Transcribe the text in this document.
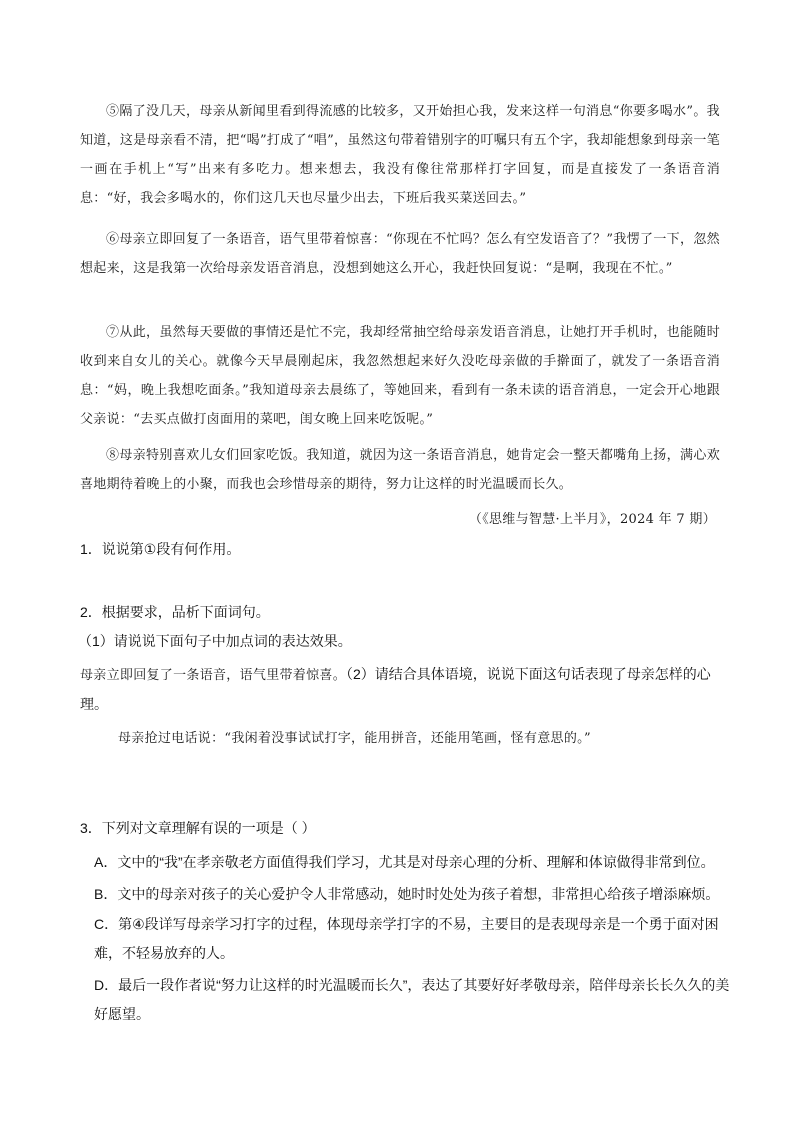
⑤隔了没几天，母亲从新闻里看到得流感的比较多，又开始担心我，发来这样一句消息“你要多喝水”。我知道，这是母亲看不清，把“喝”打成了“唱”，虽然这句带着错别字的叮嘱只有五个字，我却能想象到母亲一笔一画在手机上“写”出来有多吃力。想来想去，我没有像往常那样打字回复，而是直接发了一条语音消息：“好，我会多喝水的，你们这几天也尽量少出去，下班后我买菜送回去。”
⑥母亲立即回复了一条语音，语气里带着惊喜：“你现在不忙吗？怎么有空发语音了？”我愣了一下，忽然想起来，这是我第一次给母亲发语音消息，没想到她这么开心，我赶快回复说：“是啊，我现在不忙。”
⑦从此，虽然每天要做的事情还是忙不完，我却经常抽空给母亲发语音消息，让她打开手机时，也能随时收到来自女儿的关心。就像今天早晨刚起床，我忽然想起来好久没吃母亲做的手擀面了，就发了一条语音消息：“妈，晚上我想吃面条。”我知道母亲去晨练了，等她回来，看到有一条未读的语音消息，一定会开心地跟父亲说：“去买点做打卤面用的菜吧，闺女晚上回来吃饭呢。”
⑧母亲特别喜欢儿女们回家吃饭。我知道，就因为这一条语音消息，她肯定会一整天都嘴角上扬，满心欢喜地期待着晚上的小聚，而我也会珍惜母亲的期待，努力让这样的时光温暖而长久。
（《思维与智慧·上半月》，2024 年 7 期）
1．说说第①段有何作用。
2．根据要求，品析下面词句。
（1）请说说下面句子中加点词的表达效果。
母亲立即回复了一条语音，语气里带着惊喜。（2）请结合具体语境，说说下面这句话表现了母亲怎样的心理。
母亲抢过电话说：“我闲着没事试试打字，能用拼音，还能用笔画，怪有意思的。”
3．下列对文章理解有误的一项是（ ）
A．文中的“我”在孝亲敬老方面值得我们学习，尤其是对母亲心理的分析、理解和体谅做得非常到位。
B．文中的母亲对孩子的关心爱护令人非常感动，她时时处处为孩子着想，非常担心给孩子增添麻烦。
C．第④段详写母亲学习打字的过程，体现母亲学打字的不易，主要目的是表现母亲是一个勇于面对困难，不轻易放弃的人。
D．最后一段作者说“努力让这样的时光温暖而长久”，表达了其要好好孝敬母亲，陪伴母亲长长久久的美好愿望。
